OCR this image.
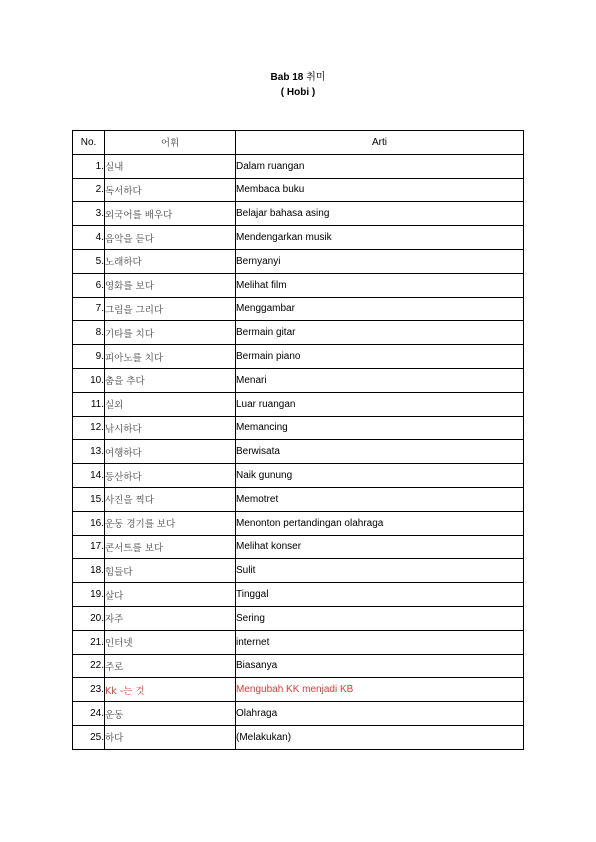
Bab 18 취미
( Hobi )
No.	어휘	Arti
1.	실내	Dalam ruangan
2.	독서하다	Membaca buku
3.	외국어를 배우다	Belajar bahasa asing
4.	음악을 듣다	Mendengarkan musik
5.	노래하다	Bernyanyi
6.	영화를 보다	Melihat film
7.	그림을 그리다	Menggambar
8.	기타를 치다	Bermain gitar
9.	피아노를 치다	Bermain piano
10.	춤을 추다	Menari
11.	실외	Luar ruangan
12.	낚시하다	Memancing
13.	여행하다	Berwisata
14.	등산하다	Naik gunung
15.	사진을 찍다	Memotret
16.	운동 경기를 보다	Menonton pertandingan olahraga
17.	콘서트를 보다	Melihat konser
18.	힘들다	Sulit
19.	살다	Tinggal
20.	자주	Sering
21.	인터넷	internet
22.	주로	Biasanya
23.	Kk -는 것	Mengubah KK menjadi KB
24.	운동	Olahraga
25.	하다	(Melakukan)
